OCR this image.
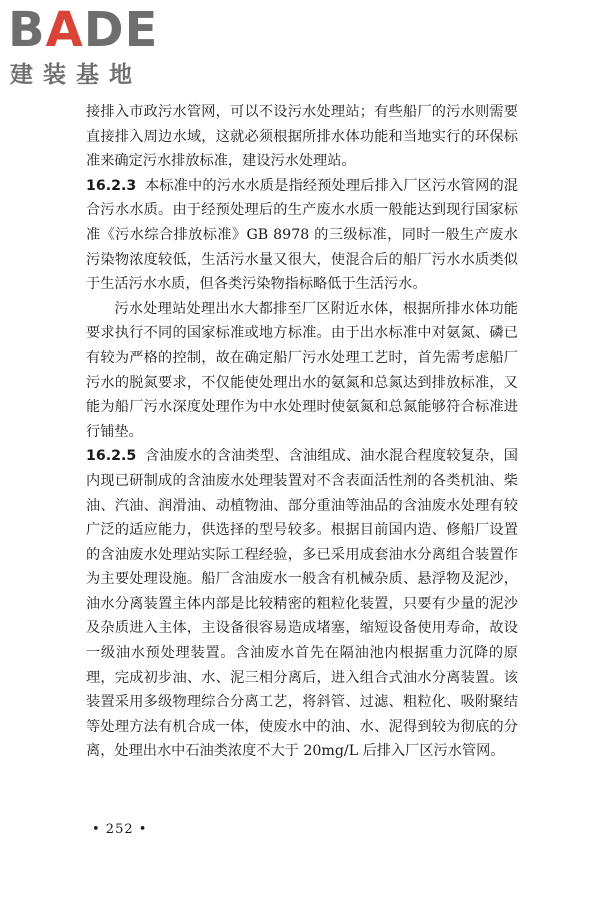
BADE
建装基地

接排入市政污水管网，可以不设污水处理站；有些船厂的污水则需要直接排入周边水域，这就必须根据所排水体功能和当地实行的环保标准来确定污水排放标准，建设污水处理站。

16.2.3 本标准中的污水水质是指经预处理后排入厂区污水管网的混合污水水质。由于经预处理后的生产废水水质一般能达到现行国家标准《污水综合排放标准》GB 8978 的三级标准，同时一般生产废水污染物浓度较低，生活污水量又很大，使混合后的船厂污水水质类似于生活污水水质，但各类污染物指标略低于生活污水。

污水处理站处理出水大都排至厂区附近水体，根据所排水体功能要求执行不同的国家标准或地方标准。由于出水标准中对氨氮、磷已有较为严格的控制，故在确定船厂污水处理工艺时，首先需考虑船厂污水的脱氮要求，不仅能使处理出水的氨氮和总氮达到排放标准，又能为船厂污水深度处理作为中水处理时使氨氮和总氮能够符合标准进行铺垫。

16.2.5 含油废水的含油类型、含油组成、油水混合程度较复杂，国内现已研制成的含油废水处理装置对不含表面活性剂的各类机油、柴油、汽油、润滑油、动植物油、部分重油等油品的含油废水处理有较广泛的适应能力，供选择的型号较多。根据目前国内造、修船厂设置的含油废水处理站实际工程经验，多已采用成套油水分离组合装置作为主要处理设施。船厂含油废水一般含有机械杂质、悬浮物及泥沙，油水分离装置主体内部是比较精密的粗粒化装置，只要有少量的泥沙及杂质进入主体，主设备很容易造成堵塞，缩短设备使用寿命，故设一级油水预处理装置。含油废水首先在隔油池内根据重力沉降的原理，完成初步油、水、泥三相分离后，进入组合式油水分离装置。该装置采用多级物理综合分离工艺，将斜管、过滤、粗粒化、吸附聚结等处理方法有机合成一体，使废水中的油、水、泥得到较为彻底的分离，处理出水中石油类浓度不大于 20mg/L 后排入厂区污水管网。

• 252 •
